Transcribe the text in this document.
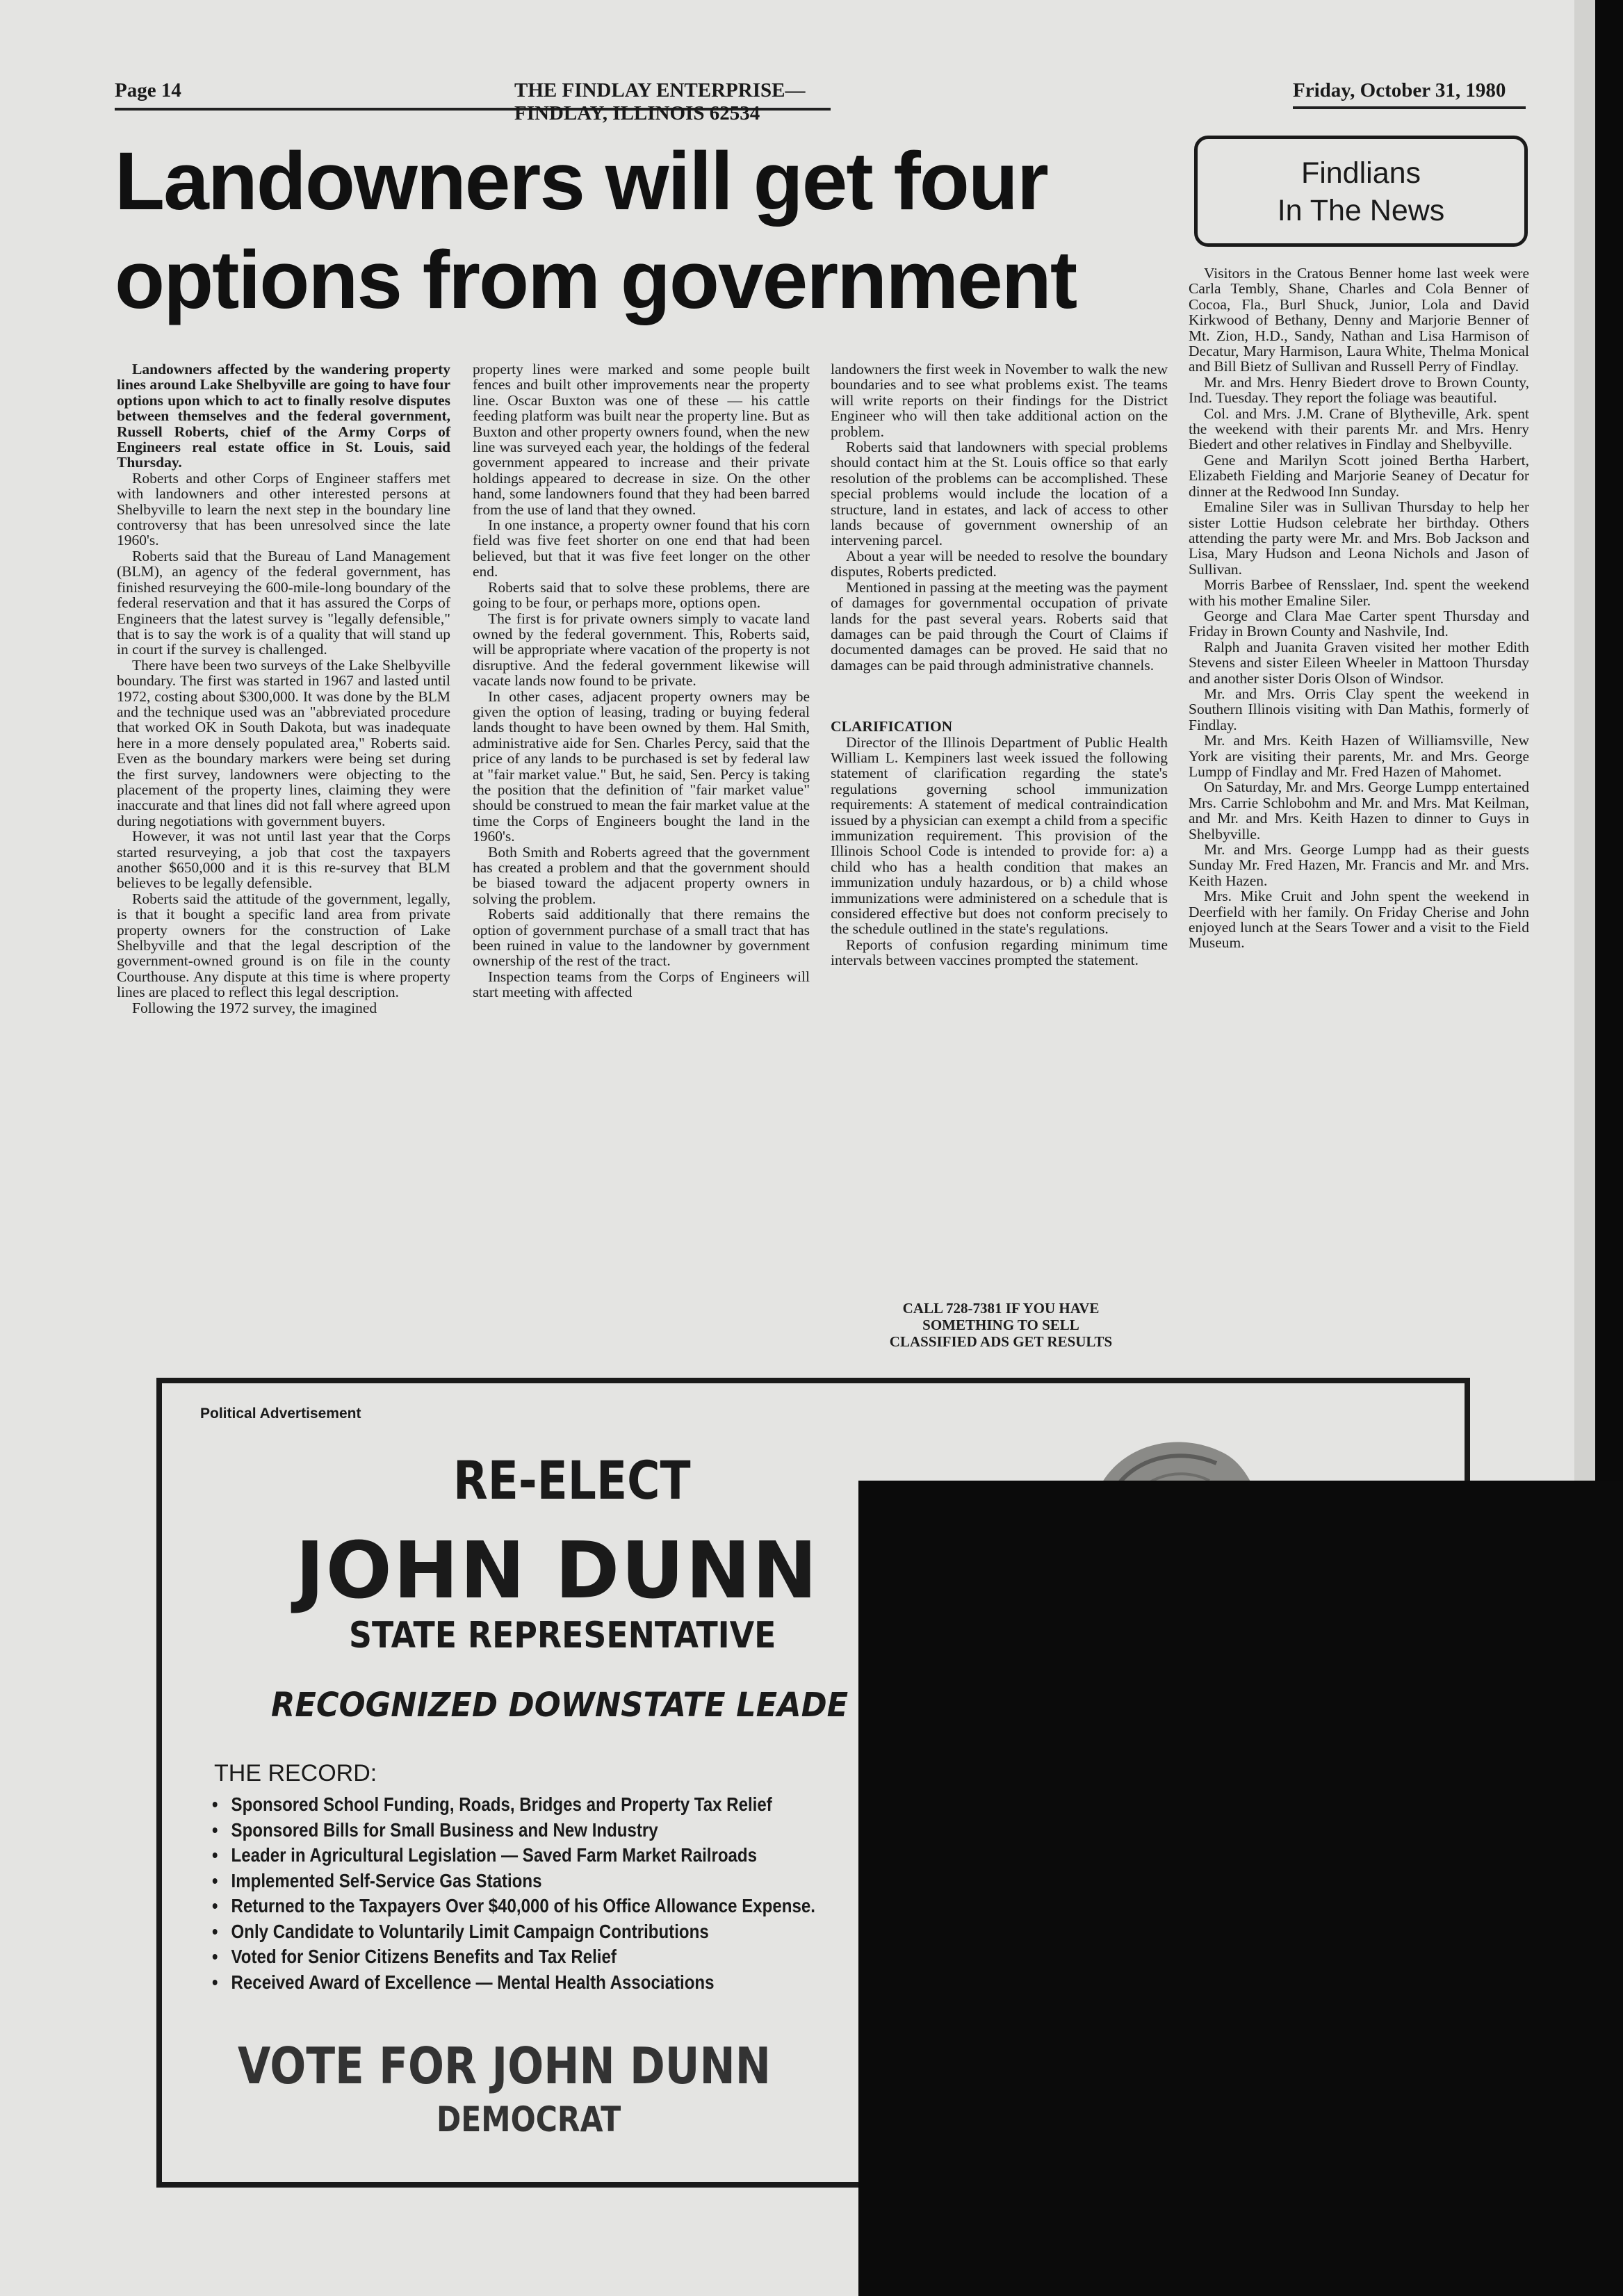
Page 14	THE FINDLAY ENTERPRISE—FINDLAY, ILLINOIS 62534
Friday, October 31, 1980
Landowners will get four options from government

Landowners affected by the wandering property lines around Lake Shelbyville are going to have four options upon which to act to finally resolve disputes between themselves and the federal government, Russell Roberts, chief of the Army Corps of Engineers real estate office in St. Louis, said Thursday.

Roberts and other Corps of Engineer staffers met with landowners and other interested persons at Shelbyville to learn the next step in the boundary line controversy that has been unresolved since the late 1960's.

Roberts said that the Bureau of Land Management (BLM), an agency of the federal government, has finished resurveying the 600-mile-long boundary of the federal reservation and that it has assured the Corps of Engineers that the latest survey is "legally defensible," that is to say the work is of a quality that will stand up in court if the survey is challenged.

There have been two surveys of the Lake Shelbyville boundary. The first was started in 1967 and lasted until 1972, costing about $300,000. It was done by the BLM and the technique used was an "abbreviated procedure that worked OK in South Dakota, but was inadequate here in a more densely populated area," Roberts said. Even as the boundary markers were being set during the first survey, landowners were objecting to the placement of the property lines, claiming they were inaccurate and that lines did not fall where agreed upon during negotiations with government buyers.

However, it was not until last year that the Corps started resurveying, a job that cost the taxpayers another $650,000 and it is this re-survey that BLM believes to be legally defensible.

Roberts said the attitude of the government, legally, is that it bought a specific land area from private property owners for the construction of Lake Shelbyville and that the legal description of the government-owned ground is on file in the county Courthouse. Any dispute at this time is where property lines are placed to reflect this legal description.

Following the 1972 survey, the imagined

property lines were marked and some people built fences and built other improvements near the property line. Oscar Buxton was one of these — his cattle feeding platform was built near the property line. But as Buxton and other property owners found, when the new line was surveyed each year, the holdings of the federal government appeared to increase and their private holdings appeared to decrease in size. On the other hand, some landowners found that they had been barred from the use of land that they owned.

In one instance, a property owner found that his corn field was five feet shorter on one end that had been believed, but that it was five feet longer on the other end.

Roberts said that to solve these problems, there are going to be four, or perhaps more, options open.

The first is for private owners simply to vacate land owned by the federal government. This, Roberts said, will be appropriate where vacation of the property is not disruptive. And the federal government likewise will vacate lands now found to be private.

In other cases, adjacent property owners may be given the option of leasing, trading or buying federal lands thought to have been owned by them. Hal Smith, administrative aide for Sen. Charles Percy, said that the price of any lands to be purchased is set by federal law at "fair market value." But, he said, Sen. Percy is taking the position that the definition of "fair market value" should be construed to mean the fair market value at the time the Corps of Engineers bought the land in the 1960's.

Both Smith and Roberts agreed that the government has created a problem and that the government should be biased toward the adjacent property owners in solving the problem.

Roberts said additionally that there remains the option of government purchase of a small tract that has been ruined in value to the landowner by government ownership of the rest of the tract.

Inspection teams from the Corps of Engineers will start meeting with affected

landowners the first week in November to walk the new boundaries and to see what problems exist. The teams will write reports on their findings for the District Engineer who will then take additional action on the problem.

Roberts said that landowners with special problems should contact him at the St. Louis office so that early resolution of the problems can be accomplished. These special problems would include the location of a structure, land in estates, and lack of access to other lands because of government ownership of an intervening parcel.

About a year will be needed to resolve the boundary disputes, Roberts predicted.

Mentioned in passing at the meeting was the payment of damages for governmental occupation of private lands for the past several years. Roberts said that damages can be paid through the Court of Claims if documented damages can be proved. He said that no damages can be paid through administrative channels.

CLARIFICATION

Director of the Illinois Department of Public Health William L. Kempiners last week issued the following statement of clarification regarding the state's regulations governing school immunization requirements: A statement of medical contraindication issued by a physician can exempt a child from a specific immunization requirement. This provision of the Illinois School Code is intended to provide for: a) a child who has a health condition that makes an immunization unduly hazardous, or b) a child whose immunizations were administered on a schedule that is considered effective but does not conform precisely to the schedule outlined in the state's regulations.

Reports of confusion regarding minimum time intervals between vaccines prompted the statement.

CALL 728-7381 IF YOU HAVE
SOMETHING TO SELL
CLASSIFIED ADS GET RESULTS
Findlians
In The News

Visitors in the Cratous Benner home last week were Carla Tembly, Shane, Charles and Cola Benner of Cocoa, Fla., Burl Shuck, Junior, Lola and David Kirkwood of Bethany, Denny and Marjorie Benner of Mt. Zion, H.D., Sandy, Nathan and Lisa Harmison of Decatur, Mary Harmison, Laura White, Thelma Monical and Bill Bietz of Sullivan and Russell Perry of Findlay.

Mr. and Mrs. Henry Biedert drove to Brown County, Ind. Tuesday. They report the foliage was beautiful.

Col. and Mrs. J.M. Crane of Blytheville, Ark. spent the weekend with their parents Mr. and Mrs. Henry Biedert and other relatives in Findlay and Shelbyville.

Gene and Marilyn Scott joined Bertha Harbert, Elizabeth Fielding and Marjorie Seaney of Decatur for dinner at the Redwood Inn Sunday.

Emaline Siler was in Sullivan Thursday to help her sister Lottie Hudson celebrate her birthday. Others attending the party were Mr. and Mrs. Bob Jackson and Lisa, Mary Hudson and Leona Nichols and Jason of Sullivan.

Morris Barbee of Rensslaer, Ind. spent the weekend with his mother Emaline Siler.

George and Clara Mae Carter spent Thursday and Friday in Brown County and Nashvile, Ind.

Ralph and Juanita Graven visited her mother Edith Stevens and sister Eileen Wheeler in Mattoon Thursday and another sister Doris Olson of Windsor.

Mr. and Mrs. Orris Clay spent the weekend in Southern Illinois visiting with Dan Mathis, formerly of Findlay.

Mr. and Mrs. Keith Hazen of Williamsville, New York are visiting their parents, Mr. and Mrs. George Lumpp of Findlay and Mr. Fred Hazen of Mahomet.

On Saturday, Mr. and Mrs. George Lumpp entertained Mrs. Carrie Schlobohm and Mr. and Mrs. Mat Keilman, and Mr. and Mrs. Keith Hazen to dinner to Guys in Shelbyville.

Mr. and Mrs. George Lumpp had as their guests Sunday Mr. Fred Hazen, Mr. Francis and Mr. and Mrs. Keith Hazen.

Mrs. Mike Cruit and John spent the weekend in Deerfield with her family. On Friday Cherise and John enjoyed lunch at the Sears Tower and a visit to the Field Museum.

Political Advertisement
RE-ELECT
JOHN DUNN
STATE REPRESENTATIVE
RECOGNIZED DOWNSTATE LEADE
THE RECORD:
• Sponsored School Funding, Roads, Bridges and Property Tax Relief
• Sponsored Bills for Small Business and New Industry
• Leader in Agricultural Legislation — Saved Farm Market Railroads
• Implemented Self-Service Gas Stations
• Returned to the Taxpayers Over $40,000 of his Office Allowance Expense.
• Only Candidate to Voluntarily Limit Campaign Contributions
• Voted for Senior Citizens Benefits and Tax Relief
• Received Award of Excellence — Mental Health Associations
VOTE FOR JOHN DUNN
DEMOCRAT
